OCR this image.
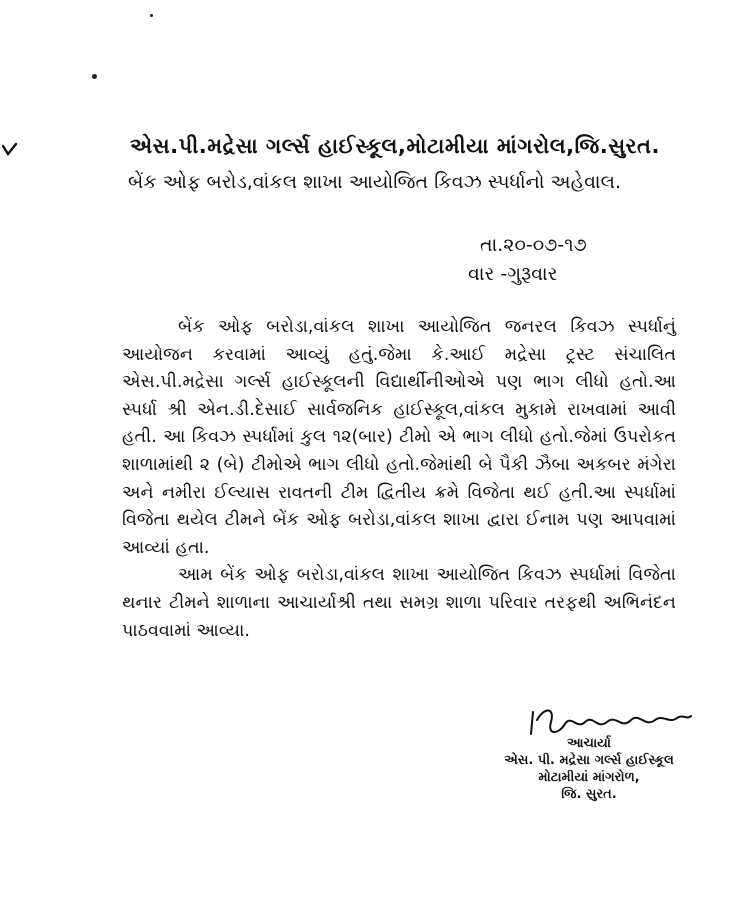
એસ.પી.મદ્રેસા ગર્લ્સ હાઈસ્કૂલ,મોટામીયા માંગરોલ,જિ.સુરત.
બેંક ઓફ બરોડ,વાંકલ શાખા આયોજિત કિવઝ સ્પર્ધાનો અહેવાલ.
તા.૨૦-૦૭-૧૭
વાર -ગુરૂવાર

બેંક ઓફ બરોડા,વાંકલ શાખા આયોજિત જનરલ કિવઝ સ્પર્ધાનું આયોજન કરવામાં આવ્યું હતું.જેમા કે.આઈ મદ્રેસા ટ્રસ્ટ સંચાલિત એસ.પી.મદ્રેસા ગર્લ્સ હાઈસ્કૂલની વિદ્યાર્થીનીઓએ પણ ભાગ લીધો હતો.આ સ્પર્ધા શ્રી એન.ડી.દેસાઈ સાર્વજનિક હાઈસ્કૂલ,વાંકલ મુકામે રાખવામાં આવી હતી. આ કિવઝ સ્પર્ધામાં કુલ ૧૨(બાર) ટીમો એ ભાગ લીધો હતો.જેમાં ઉપરોકત શાળામાંથી ૨ (બે) ટીમોએ ભાગ લીધો હતો.જેમાંથી બે પૈકી ઝૈબા અકબર મંગેરા અને નમીરા ઈલ્યાસ રાવતની ટીમ દ્વિતીય ક્રમે વિજેતા થઈ હતી.આ સ્પર્ધામાં વિજેતા થયેલ ટીમને બેંક ઓફ બરોડા,વાંકલ શાખા દ્વારા ઈનામ પણ આપવામાં આવ્યાં હતા.

આમ બેંક ઓફ બરોડા,વાંકલ શાખા આયોજિત કિવઝ સ્પર્ધામાં વિજેતા થનાર ટીમને શાળાના આચાર્યાશ્રી તથા સમગ્ર શાળા પરિવાર તરફથી અભિનંદન પાઠવવામાં આવ્યા.

આચાર્યા
એસ. પી. મદ્રેસા ગર્લ્સ હાઈસ્કૂલ
મોટામીયાં માંગરોળ,
જિ. સુરત.
